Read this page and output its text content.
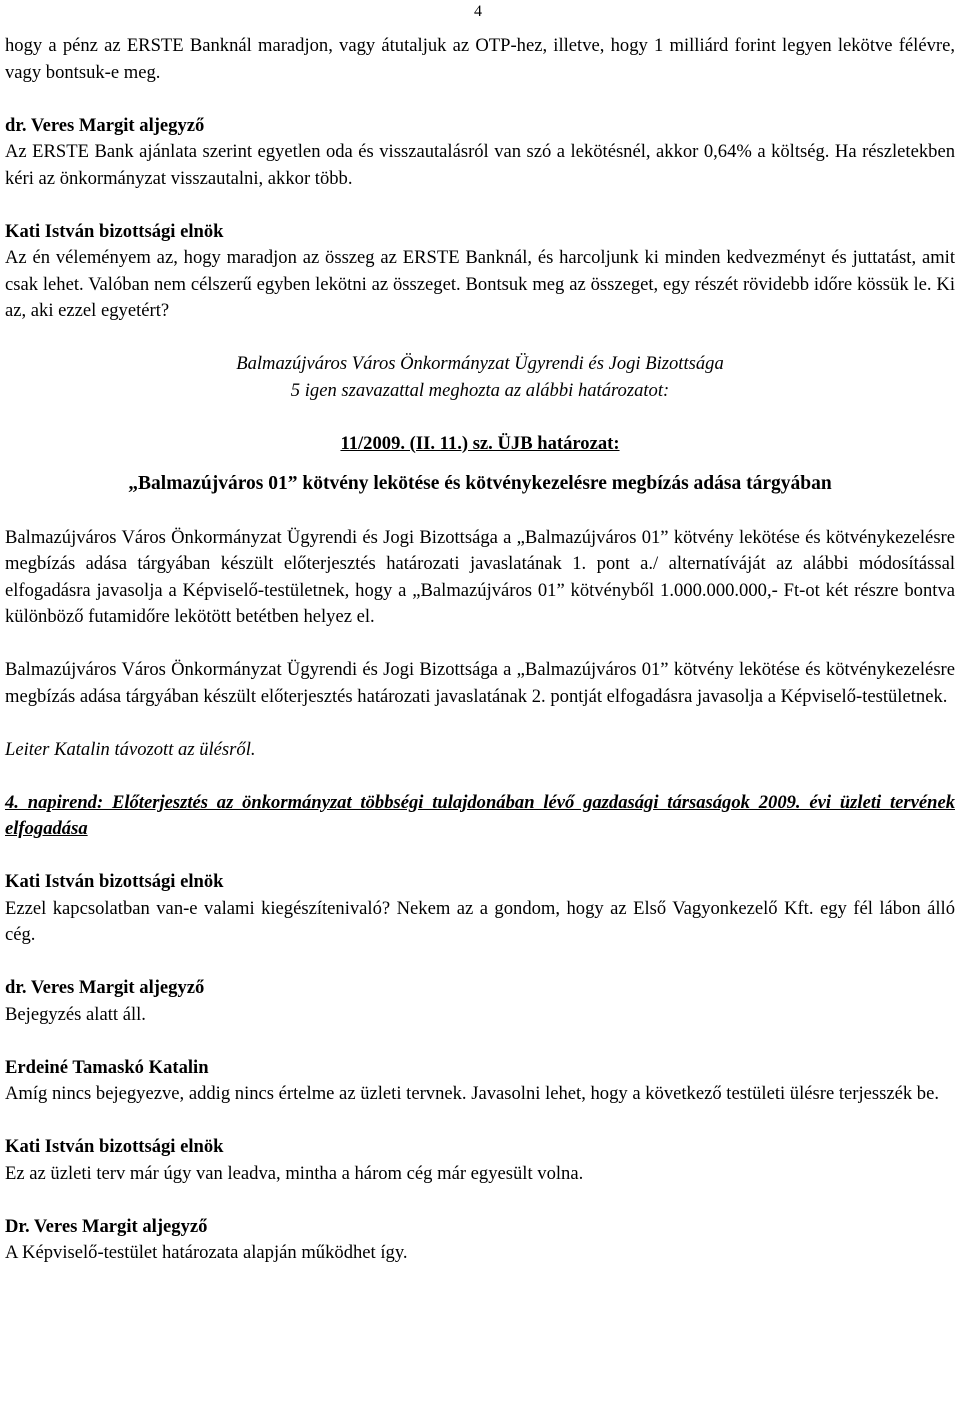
4

hogy a pénz az ERSTE Banknál maradjon, vagy átutaljuk az OTP-hez, illetve, hogy 1 milliárd forint legyen lekötve félévre, vagy bontsuk-e meg.

dr. Veres Margit aljegyző

Az ERSTE Bank ajánlata szerint egyetlen oda és visszautalásról van szó a lekötésnél, akkor 0,64% a költség. Ha részletekben kéri az önkormányzat visszautalni, akkor több.

Kati István bizottsági elnök

Az én véleményem az, hogy maradjon az összeg az ERSTE Banknál, és harcoljunk ki minden kedvezményt és juttatást, amit csak lehet. Valóban nem célszerű egyben lekötni az összeget. Bontsuk meg az összeget, egy részét rövidebb időre kössük le. Ki az, aki ezzel egyetért?

Balmazújváros Város Önkormányzat Ügyrendi és Jogi Bizottsága

5 igen szavazattal meghozta az alábbi határozatot:

11/2009. (II. 11.) sz. ÜJB határozat:

„Balmazújváros 01” kötvény lekötése és kötvénykezelésre megbízás adása tárgyában

Balmazújváros Város Önkormányzat Ügyrendi és Jogi Bizottsága a „Balmazújváros 01” kötvény lekötése és kötvénykezelésre megbízás adása tárgyában készült előterjesztés határozati javaslatának 1. pont a./ alternatíváját az alábbi módosítással elfogadásra javasolja a Képviselő-testületnek, hogy a „Balmazújváros 01” kötvényből 1.000.000.000,- Ft-ot két részre bontva különböző futamidőre lekötött betétben helyez el.

Balmazújváros Város Önkormányzat Ügyrendi és Jogi Bizottsága a „Balmazújváros 01” kötvény lekötése és kötvénykezelésre megbízás adása tárgyában készült előterjesztés határozati javaslatának 2. pontját elfogadásra javasolja a Képviselő-testületnek.

Leiter Katalin távozott az ülésről.

4. napirend: Előterjesztés az önkormányzat többségi tulajdonában lévő gazdasági társaságok 2009. évi üzleti tervének elfogadása

Kati István bizottsági elnök

Ezzel kapcsolatban van-e valami kiegészítenivaló? Nekem az a gondom, hogy az Első Vagyonkezelő Kft. egy fél lábon álló cég.

dr. Veres Margit aljegyző

Bejegyzés alatt áll.

Erdeiné Tamaskó Katalin

Amíg nincs bejegyezve, addig nincs értelme az üzleti tervnek. Javasolni lehet, hogy a következő testületi ülésre terjesszék be.

Kati István bizottsági elnök

Ez az üzleti terv már úgy van leadva, mintha a három cég már egyesült volna.

Dr. Veres Margit aljegyző

A Képviselő-testület határozata alapján működhet így.
